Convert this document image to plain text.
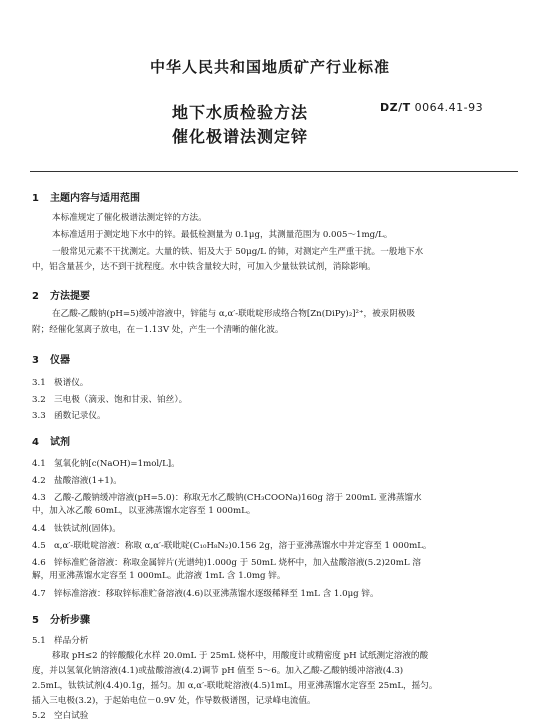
中华人民共和国地质矿产行业标准
地下水质检验方法
催化极谱法测定锌
DZ/T 0064.41-93
1 主题内容与适用范围
本标准规定了催化极谱法测定锌的方法。
本标准适用于测定地下水中的锌。最低检测量为 0.1μg，其测量范围为 0.005～1mg/L。
一般常见元素不干扰测定。大量的铁、铝及大于 50μg/L 的铈，对测定产生严重干扰。一般地下水
中，铝含量甚少，达不到干扰程度。水中铁含量较大时，可加入少量钛铁试剂，消除影响。
2 方法提要
在乙酸-乙酸钠(pH=5)缓冲溶液中，锌能与 α,α′-联吡啶形成络合物[Zn(DiPy)₂]²⁺，被汞阴极吸
附；经催化氢离子放电，在－1.13V 处，产生一个清晰的催化波。
3 仪器
3.1 极谱仪。
3.2 三电极（滴汞、饱和甘汞、铂丝）。
3.3 函数记录仪。
4 试剂
4.1 氢氧化钠[c(NaOH)=1mol/L]。
4.2 盐酸溶液(1+1)。
4.3 乙酸-乙酸钠缓冲溶液(pH=5.0)：称取无水乙酸钠(CH₃COONa)160g 溶于 200mL 亚沸蒸馏水
中，加入冰乙酸 60mL，以亚沸蒸馏水定容至 1 000mL。
4.4 钛铁试剂(固体)。
4.5 α,α′-联吡啶溶液：称取 α,α′-联吡啶(C₁₀H₈N₂)0.156 2g，溶于亚沸蒸馏水中并定容至 1 000mL。
4.6 锌标准贮备溶液：称取金属锌片(光谱纯)1.000g 于 50mL 烧杯中，加入盐酸溶液(5.2)20mL 溶
解，用亚沸蒸馏水定容至 1 000mL。此溶液 1mL 含 1.0mg 锌。
4.7 锌标准溶液：移取锌标准贮备溶液(4.6)以亚沸蒸馏水逐级稀释至 1mL 含 1.0μg 锌。
5 分析步骤
5.1 样品分析
移取 pH≤2 的锌酸酸化水样 20.0mL 于 25mL 烧杯中，用酸度计或精密度 pH 试纸测定溶液的酸
度，并以氢氧化钠溶液(4.1)或盐酸溶液(4.2)调节 pH 值至 5～6。加入乙酸-乙酸钠缓冲溶液(4.3)
2.5mL，钛铁试剂(4.4)0.1g，摇匀。加 α,α′-联吡啶溶液(4.5)1mL，用亚沸蒸馏水定容至 25mL，摇匀。
插入三电极(3.2)，于起始电位－0.9V 处，作导数极谱图，记录峰电流值。
5.2 空白试验
